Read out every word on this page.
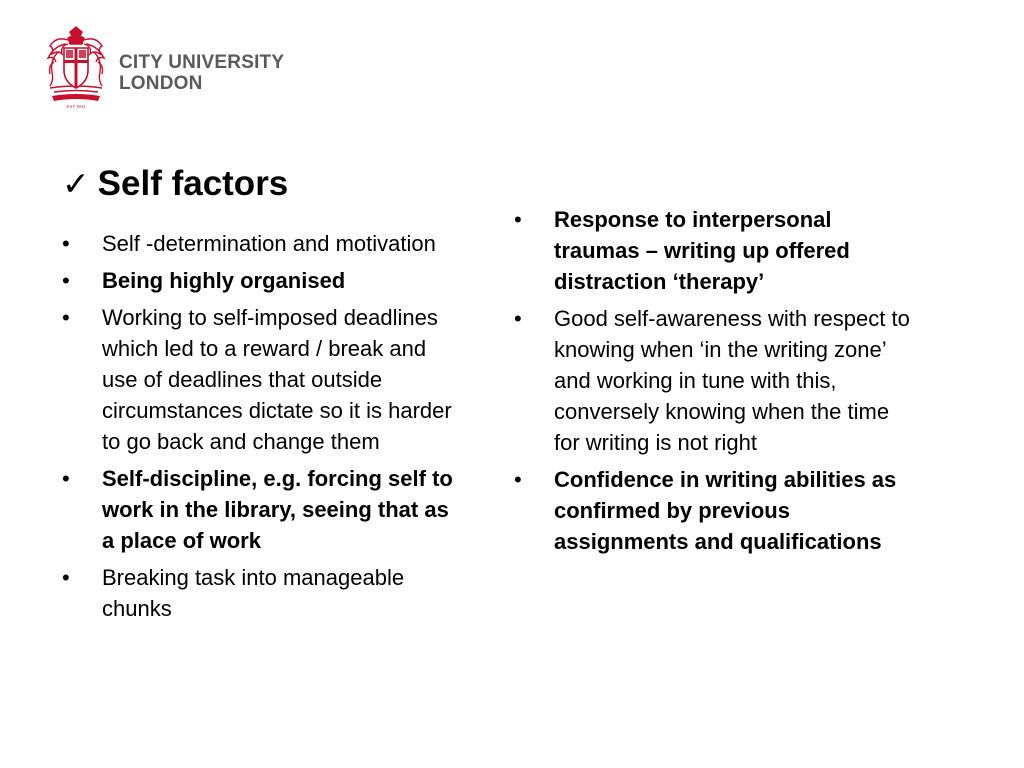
EST 1894
CITY UNIVERSITY
LONDON
✓ Self factors
• Self -determination and motivation
• Being highly organised
• Working to self-imposed deadlines which led to a reward / break and use of deadlines that outside circumstances dictate so it is harder to go back and change them
• Self-discipline, e.g. forcing self to work in the library, seeing that as a place of work
• Breaking task into manageable chunks
• Response to interpersonal traumas – writing up offered distraction ‘therapy’
• Good self-awareness with respect to knowing when ‘in the writing zone’ and working in tune with this, conversely knowing when the time for writing is not right
• Confidence in writing abilities as confirmed by previous assignments and qualifications
